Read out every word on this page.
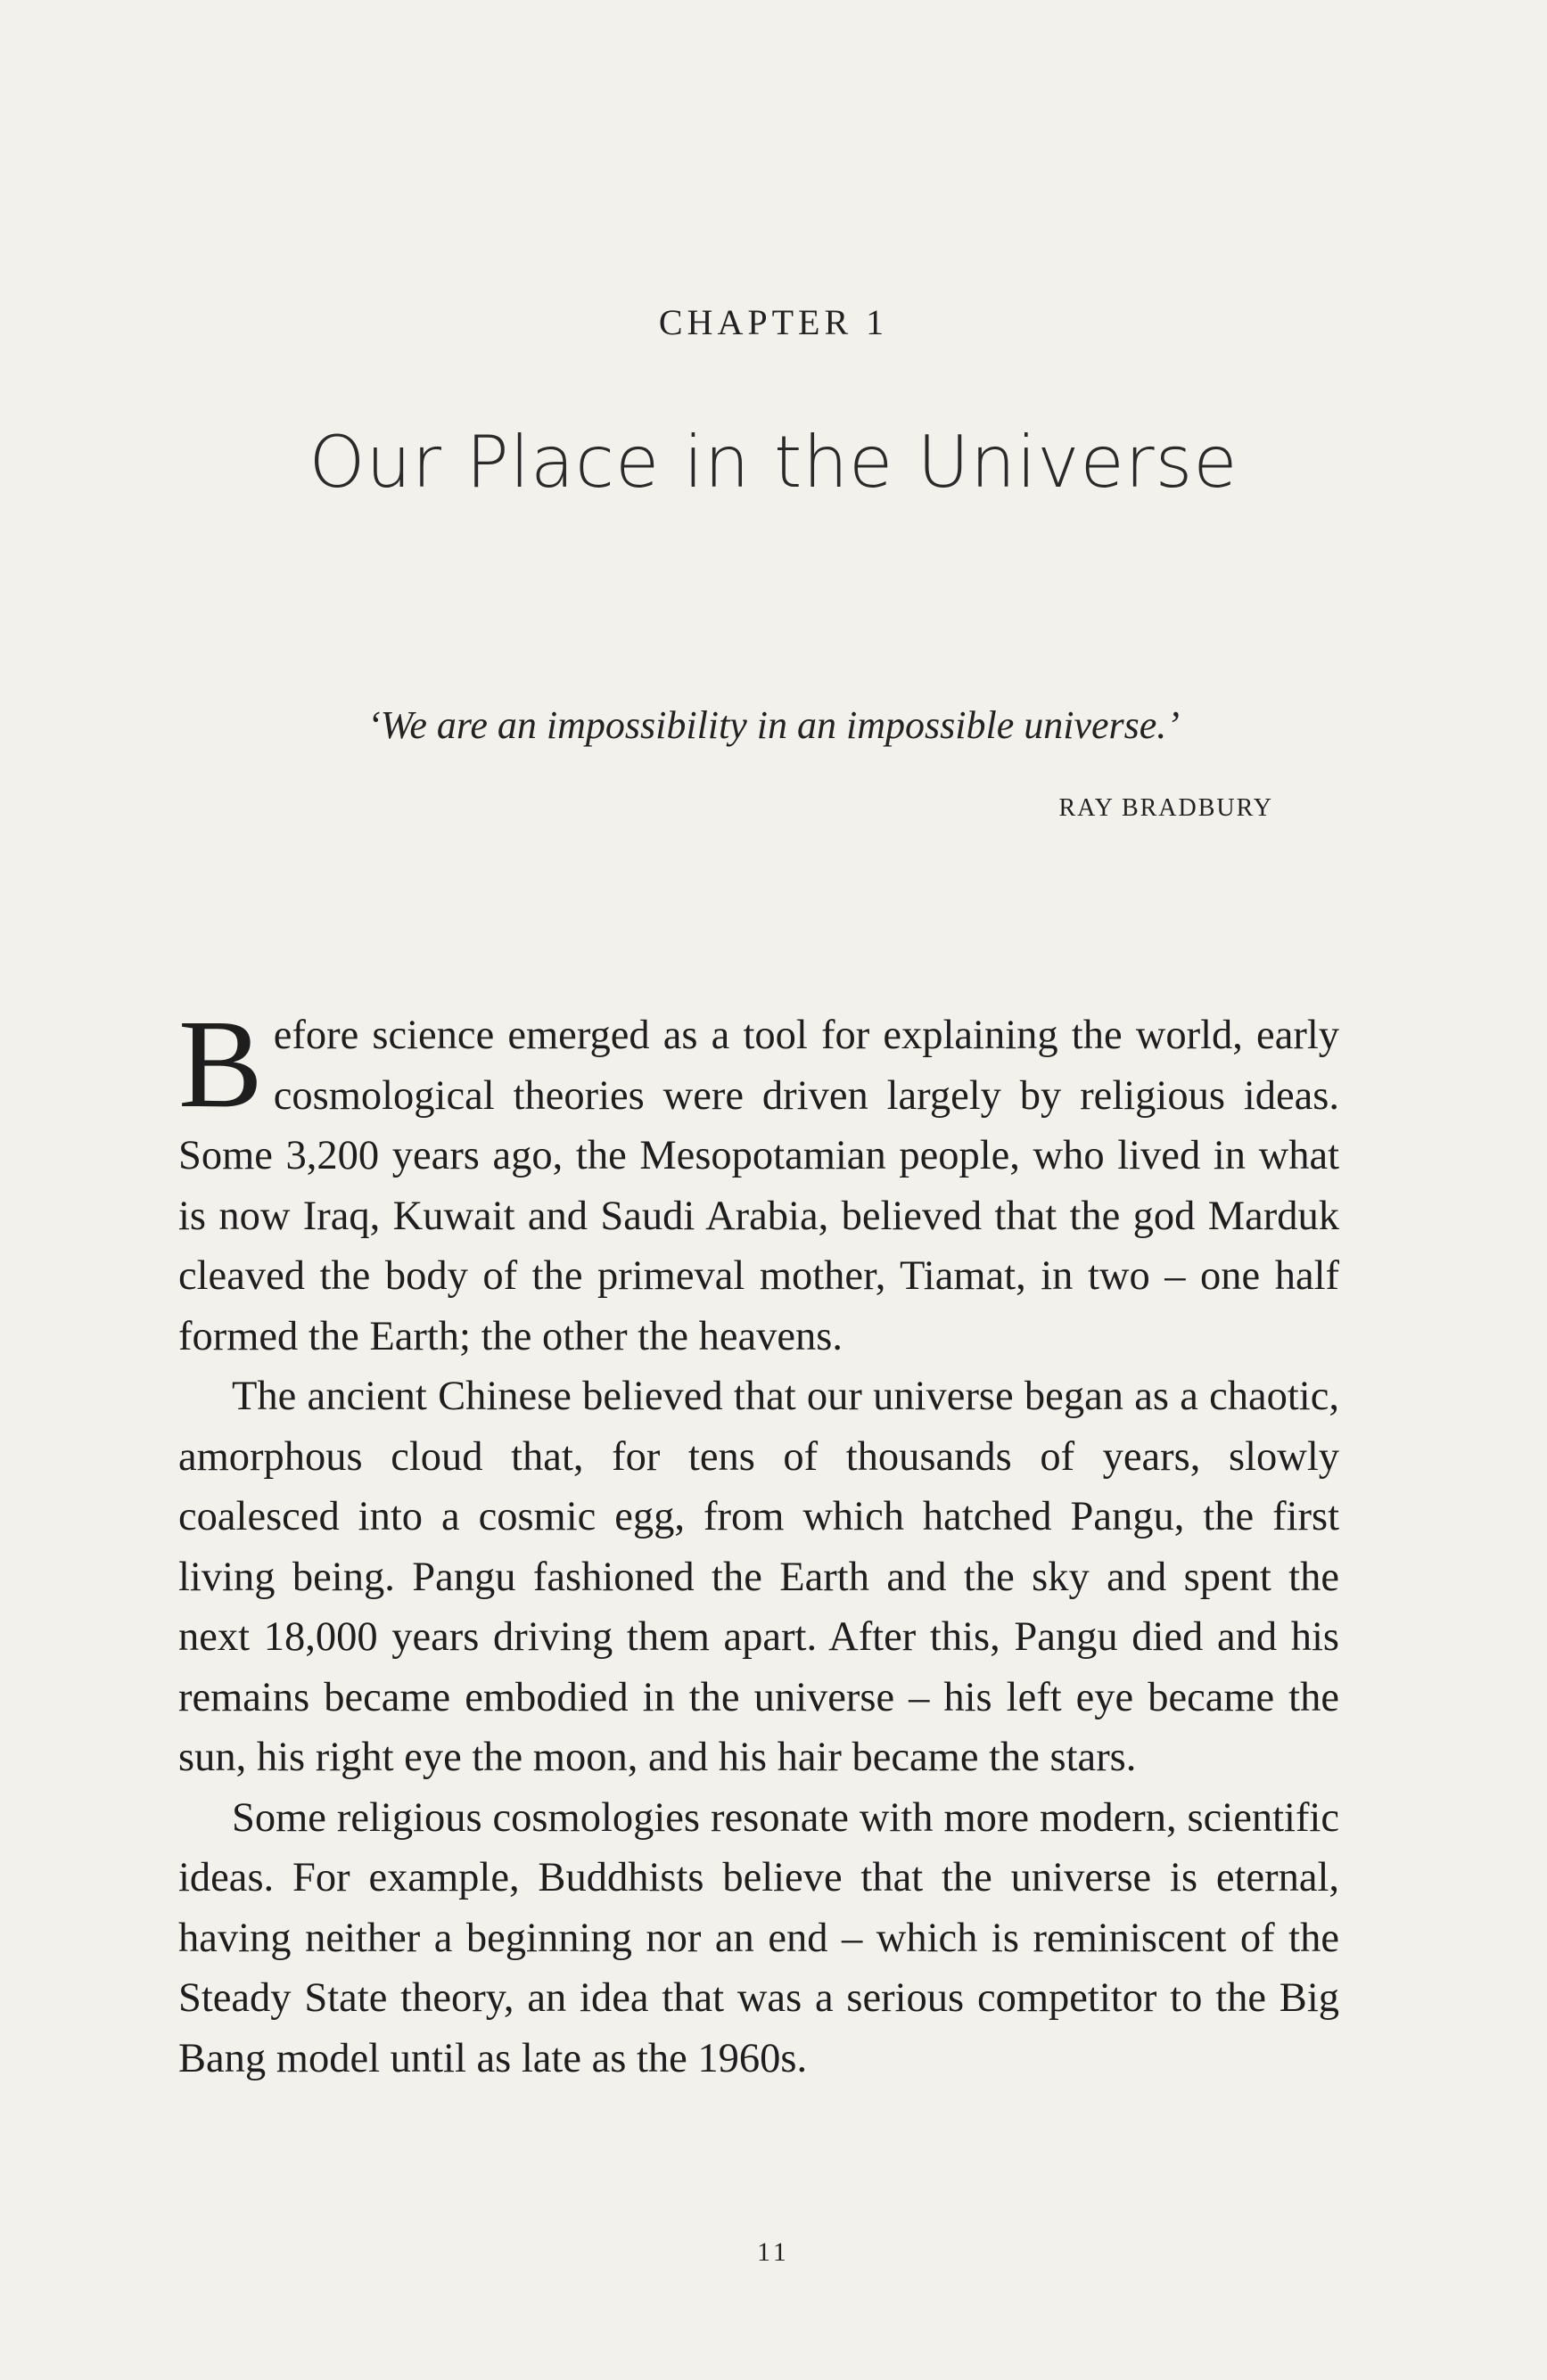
CHAPTER 1
Our Place in the Universe
‘We are an impossibility in an impossible universe.’
RAY BRADBURY

Before science emerged as a tool for explaining the world, early cosmological theories were driven largely by religious ideas. Some 3,200 years ago, the Mesopotamian people, who lived in what is now Iraq, Kuwait and Saudi Arabia, believed that the god Marduk cleaved the body of the primeval mother, Tiamat, in two – one half formed the Earth; the other the heavens.

The ancient Chinese believed that our universe began as a chaotic, amorphous cloud that, for tens of thousands of years, slowly coalesced into a cosmic egg, from which hatched Pangu, the first living being. Pangu fashioned the Earth and the sky and spent the next 18,000 years driving them apart. After this, Pangu died and his remains became embodied in the universe – his left eye became the sun, his right eye the moon, and his hair became the stars.

Some religious cosmologies resonate with more modern, scientific ideas. For example, Buddhists believe that the universe is eternal, having neither a beginning nor an end – which is reminiscent of the Steady State theory, an idea that was a serious competitor to the Big Bang model until as late as the 1960s.

11
